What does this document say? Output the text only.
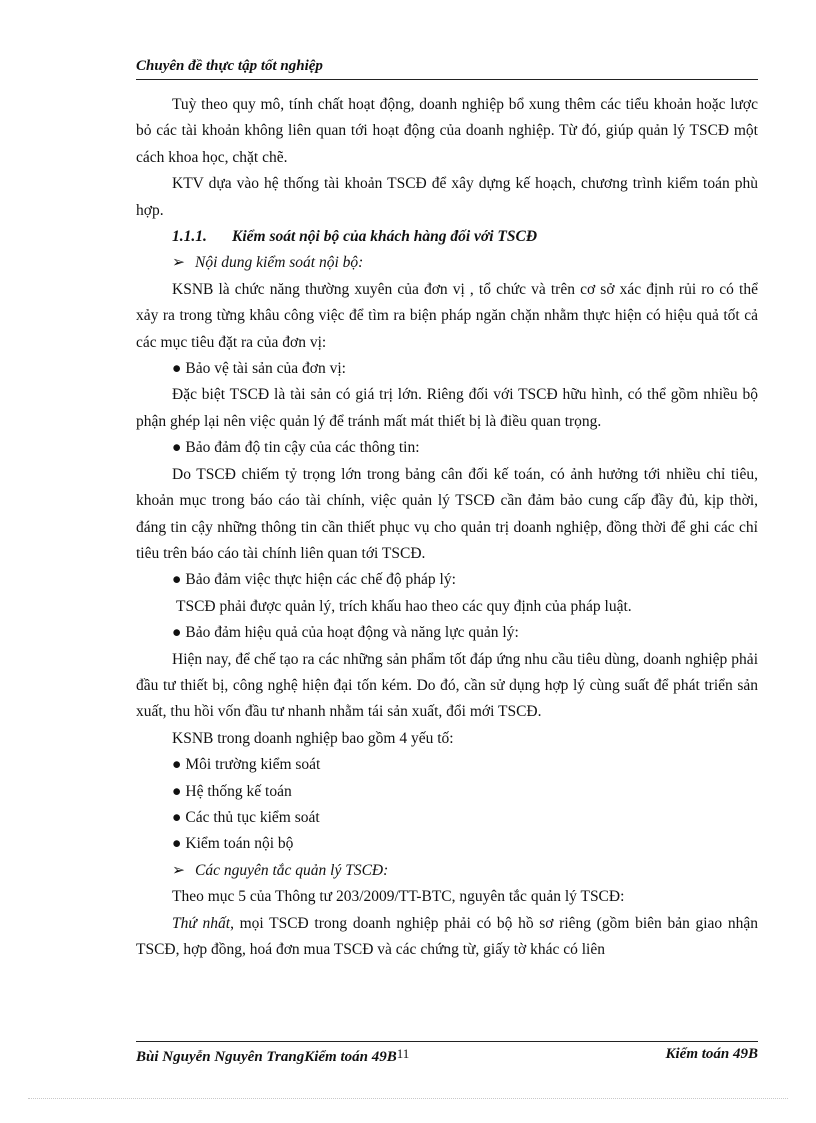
Chuyên đề thực tập tốt nghiệp

Tuỳ theo quy mô, tính chất hoạt động, doanh nghiệp bổ xung thêm các tiểu khoản hoặc lược bỏ các tài khoản không liên quan tới hoạt động của doanh nghiệp. Từ đó, giúp quản lý TSCĐ một cách khoa học, chặt chẽ.

KTV dựa vào hệ thống tài khoản TSCĐ để xây dựng kế hoạch, chương trình kiểm toán phù hợp.

1.1.1. Kiểm soát nội bộ của khách hàng đối với TSCĐ

➢ Nội dung kiểm soát nội bộ:

KSNB là chức năng thường xuyên của đơn vị , tổ chức và trên cơ sở xác định rủi ro có thể xảy ra trong từng khâu công việc để tìm ra biện pháp ngăn chặn nhằm thực hiện có hiệu quả tốt cả các mục tiêu đặt ra của đơn vị:

● Bảo vệ tài sản của đơn vị:

Đặc biệt TSCĐ là tài sản có giá trị lớn. Riêng đối với TSCĐ hữu hình, có thể gồm nhiều bộ phận ghép lại nên việc quản lý để tránh mất mát thiết bị là điều quan trọng.

● Bảo đảm độ tin cậy của các thông tin:

Do TSCĐ chiếm tỷ trọng lớn trong bảng cân đối kế toán, có ảnh hưởng tới nhiều chỉ tiêu, khoản mục trong báo cáo tài chính, việc quản lý TSCĐ cần đảm bảo cung cấp đầy đủ, kịp thời, đáng tin cậy những thông tin cần thiết phục vụ cho quản trị doanh nghiệp, đồng thời để ghi các chỉ tiêu trên báo cáo tài chính liên quan tới TSCĐ.

● Bảo đảm việc thực hiện các chế độ pháp lý:

TSCĐ phải được quản lý, trích khấu hao theo các quy định của pháp luật.

● Bảo đảm hiệu quả của hoạt động và năng lực quản lý:

Hiện nay, để chế tạo ra các những sản phẩm tốt đáp ứng nhu cầu tiêu dùng, doanh nghiệp phải đầu tư thiết bị, công nghệ hiện đại tốn kém. Do đó, cần sử dụng hợp lý cùng suất để phát triển sản xuất, thu hồi vốn đầu tư nhanh nhằm tái sản xuất, đổi mới TSCĐ.

KSNB trong doanh nghiệp bao gồm 4 yếu tố:

● Môi trường kiểm soát

● Hệ thống kế toán

● Các thủ tục kiểm soát

● Kiểm toán nội bộ

➢ Các nguyên tắc quản lý TSCĐ:

Theo mục 5 của Thông tư 203/2009/TT-BTC, nguyên tắc quản lý TSCĐ:

Thứ nhất, mọi TSCĐ trong doanh nghiệp phải có bộ hồ sơ riêng (gồm biên bản giao nhận TSCĐ, hợp đồng, hoá đơn mua TSCĐ và các chứng từ, giấy tờ khác có liên

Bùi Nguyễn Nguyên TrangKiểm toán 49B11	Kiểm toán 49B
